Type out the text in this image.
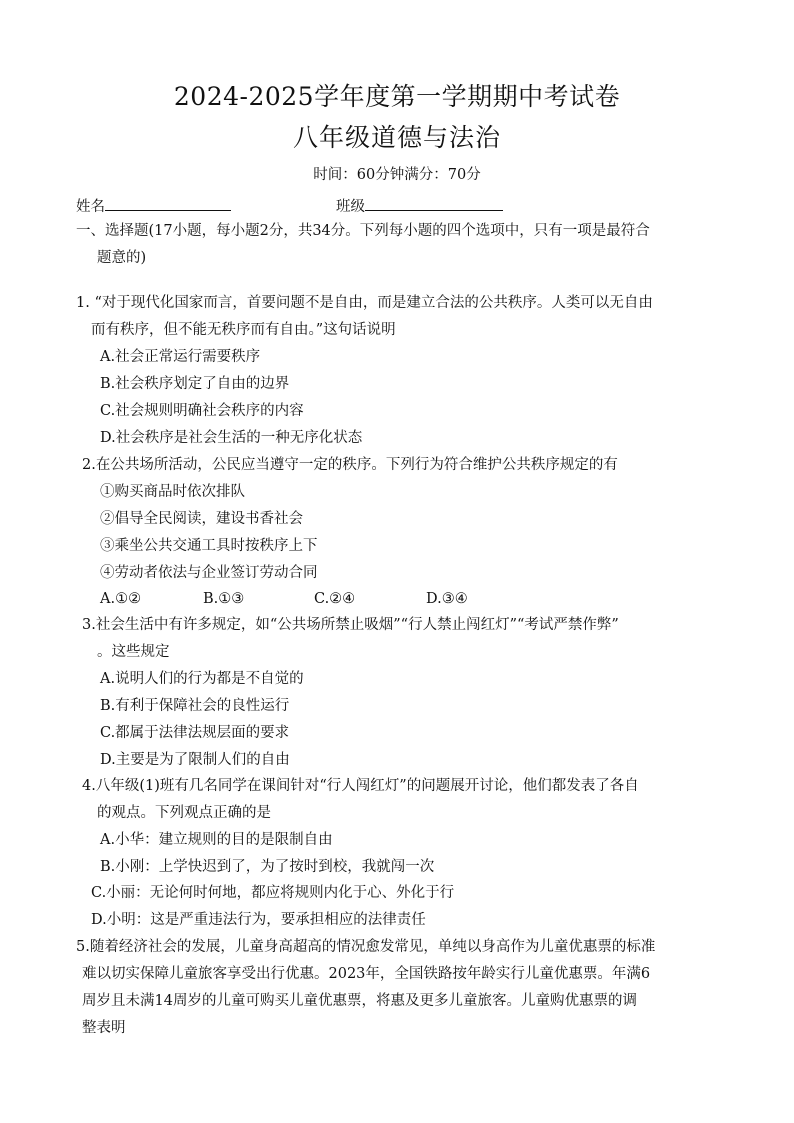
2024-2025学年度第一学期期中考试卷
八年级道德与法治
时间：60分钟满分：70分
姓名	班级
一、选择题(17小题，每小题2分，共34分。下列每小题的四个选项中，只有一项是最符合
题意的)
1. “对于现代化国家而言，首要问题不是自由，而是建立合法的公共秩序。人类可以无自由
而有秩序，但不能无秩序而有自由。”这句话说明
A.社会正常运行需要秩序
B.社会秩序划定了自由的边界
C.社会规则明确社会秩序的内容
D.社会秩序是社会生活的一种无序化状态
2.在公共场所活动，公民应当遵守一定的秩序。下列行为符合维护公共秩序规定的有
①购买商品时依次排队
②倡导全民阅读，建设书香社会
③乘坐公共交通工具时按秩序上下
④劳动者依法与企业签订劳动合同
A.①②	B.①③	C.②④	D.③④
3.社会生活中有许多规定，如“公共场所禁止吸烟”“行人禁止闯红灯”“考试严禁作弊”
。这些规定
A.说明人们的行为都是不自觉的
B.有利于保障社会的良性运行
C.都属于法律法规层面的要求
D.主要是为了限制人们的自由
4.八年级(1)班有几名同学在课间针对“行人闯红灯”的问题展开讨论，他们都发表了各自
的观点。下列观点正确的是
A.小华：建立规则的目的是限制自由
B.小刚：上学快迟到了，为了按时到校，我就闯一次
C.小丽：无论何时何地，都应将规则内化于心、外化于行
D.小明：这是严重违法行为，要承担相应的法律责任
5.随着经济社会的发展，儿童身高超高的情况愈发常见，单纯以身高作为儿童优惠票的标准
难以切实保障儿童旅客享受出行优惠。2023年，全国铁路按年龄实行儿童优惠票。年满6
周岁且未满14周岁的儿童可购买儿童优惠票，将惠及更多儿童旅客。儿童购优惠票的调
整表明
